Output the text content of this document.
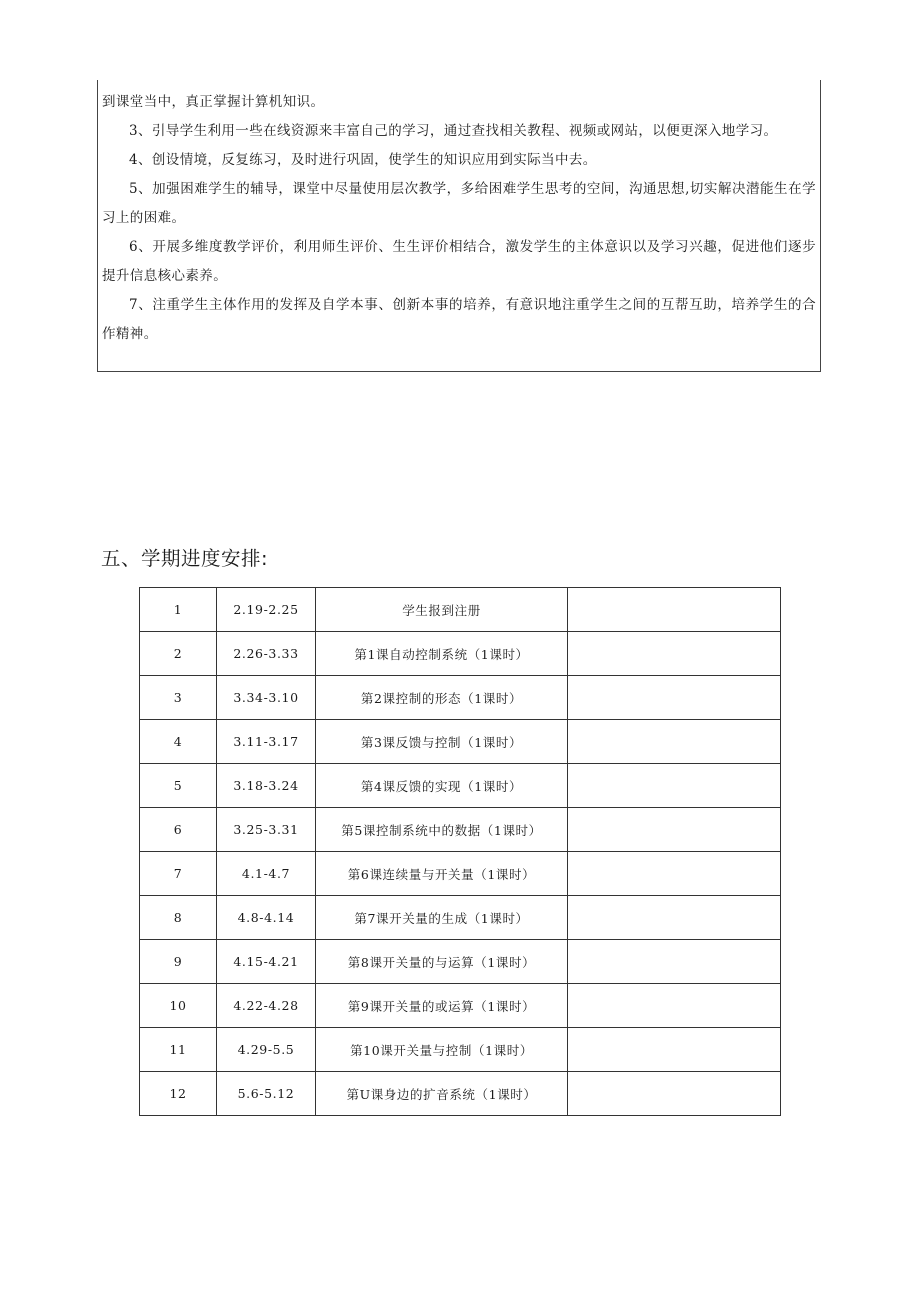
到课堂当中，真正掌握计算机知识。

3、引导学生利用一些在线资源来丰富自己的学习，通过查找相关教程、视频或网站，以便更深入地学习。

4、创设情境，反复练习，及时进行巩固，使学生的知识应用到实际当中去。

5、加强困难学生的辅导，课堂中尽量使用层次教学，多给困难学生思考的空间，沟通思想,切实解决潜能生在学习上的困难。

6、开展多维度教学评价，利用师生评价、生生评价相结合，激发学生的主体意识以及学习兴趣，促进他们逐步提升信息核心素养。

7、注重学生主体作用的发挥及自学本事、创新本事的培养，有意识地注重学生之间的互帮互助，培养学生的合作精神。

五、学期进度安排:
1	2.19-2.25	学生报到注册	
2	2.26-3.33	第1课自动控制系统（1课时）	
3	3.34-3.10	第2课控制的形态（1课时）	
4	3.11-3.17	第3课反馈与控制（1课时）	
5	3.18-3.24	第4课反馈的实现（1课时）	
6	3.25-3.31	第5课控制系统中的数据（1课时）	
7	4.1-4.7	第6课连续量与开关量（1课时）	
8	4.8-4.14	第7课开关量的生成（1课时）	
9	4.15-4.21	第8课开关量的与运算（1课时）	
10	4.22-4.28	第9课开关量的或运算（1课时）	
11	4.29-5.5	第10课开关量与控制（1课时）	
12	5.6-5.12	第U课身边的扩音系统（1课时）	
